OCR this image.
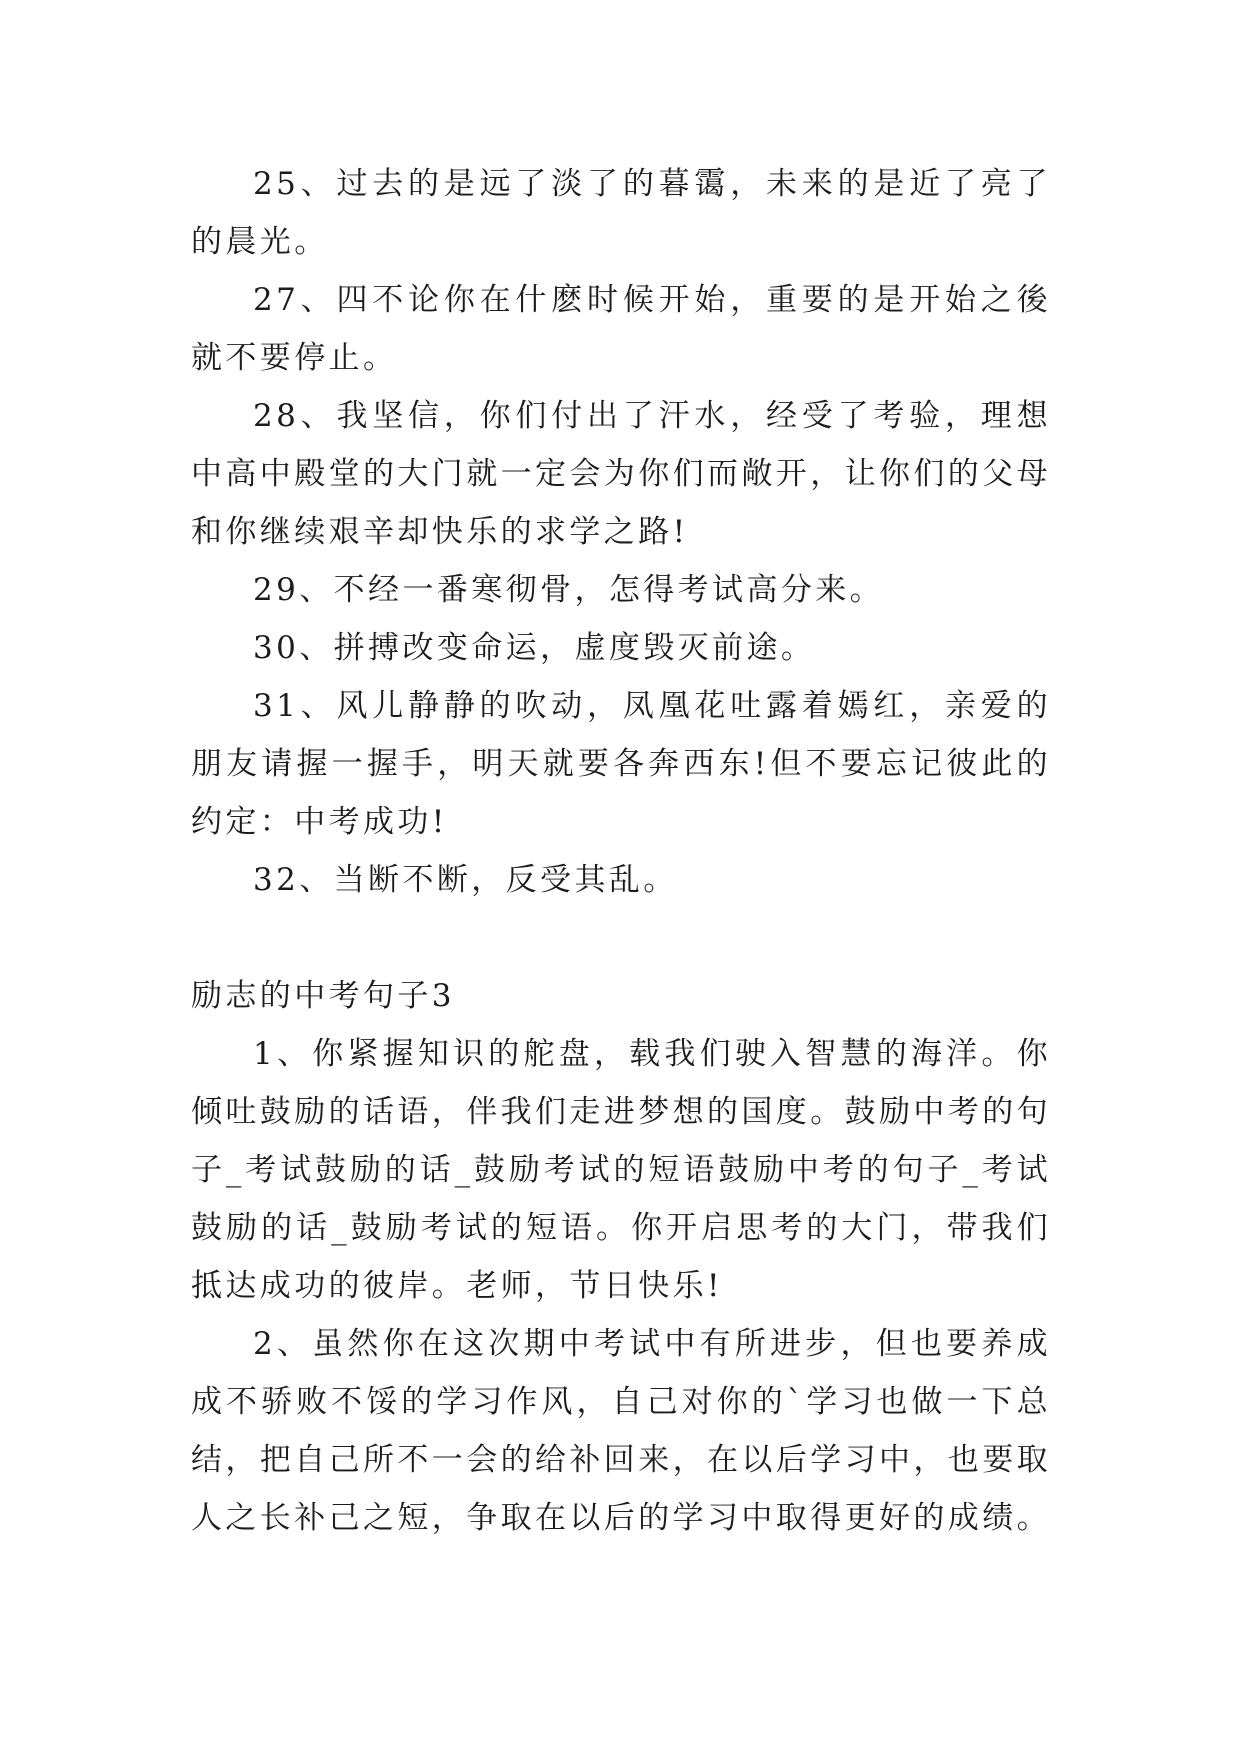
25、过去的是远了淡了的暮霭，未来的是近了亮了的晨光。

27、四不论你在什麽时候开始，重要的是开始之後就不要停止。

28、我坚信，你们付出了汗水，经受了考验，理想中高中殿堂的大门就一定会为你们而敞开，让你们的父母和你继续艰辛却快乐的求学之路!

29、不经一番寒彻骨，怎得考试高分来。

30、拼搏改变命运，虚度毁灭前途。

31、风儿静静的吹动，凤凰花吐露着嫣红，亲爱的朋友请握一握手，明天就要各奔西东!但不要忘记彼此的约定：中考成功!

32、当断不断，反受其乱。

励志的中考句子3

1、你紧握知识的舵盘，载我们驶入智慧的海洋。你倾吐鼓励的话语，伴我们走进梦想的国度。鼓励中考的句子_考试鼓励的话_鼓励考试的短语鼓励中考的句子_考试鼓励的话_鼓励考试的短语。你开启思考的大门，带我们抵达成功的彼岸。老师，节日快乐!

2、虽然你在这次期中考试中有所进步，但也要养成成不骄败不馁的学习作风，自己对你的`学习也做一下总结，把自己所不一会的给补回来，在以后学习中，也要取人之长补己之短，争取在以后的学习中取得更好的成绩。
